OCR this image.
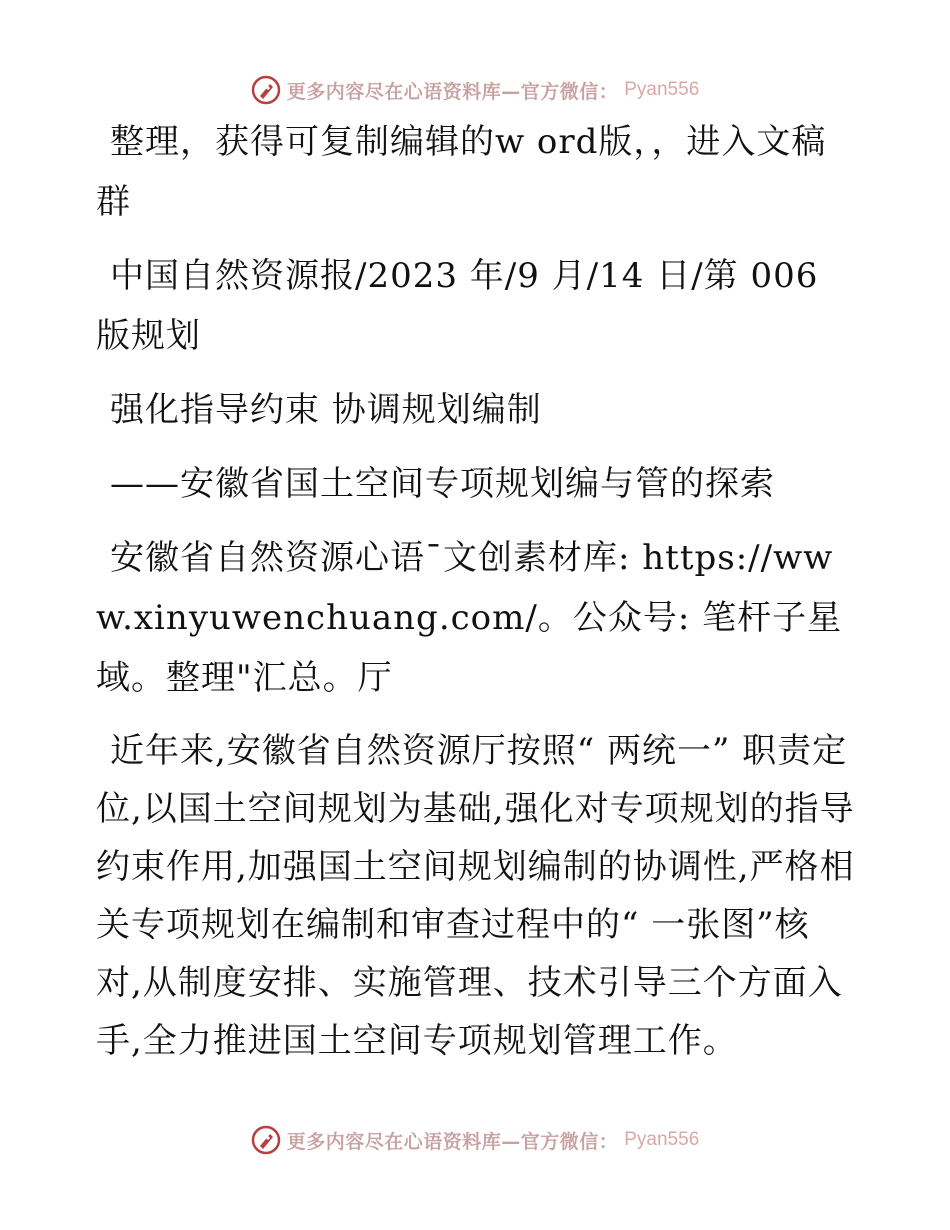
更多内容尽在心语资料库—官方微信： Pyan556

整理，获得可复制编辑的w ord版，，进入文稿群

中国自然资源报/2023 年/9 月/14 日/第 006 版规划

强化指导约束 协调规划编制

——安徽省国土空间专项规划编与管的探索

安徽省自然资源心语¯文创素材库: https://www.xinyuwenchuang.com/。公众号: 笔杆子星域。整理"汇总。厅

近年来,安徽省自然资源厅按照“ 两统一” 职责定位,以国土空间规划为基础,强化对专项规划的指导约束作用,加强国土空间规划编制的协调性,严格相关专项规划在编制和审查过程中的“ 一张图”核对,从制度安排、实施管理、技术引导三个方面入手,全力推进国土空间专项规划管理工作。

更多内容尽在心语资料库—官方微信： Pyan556
